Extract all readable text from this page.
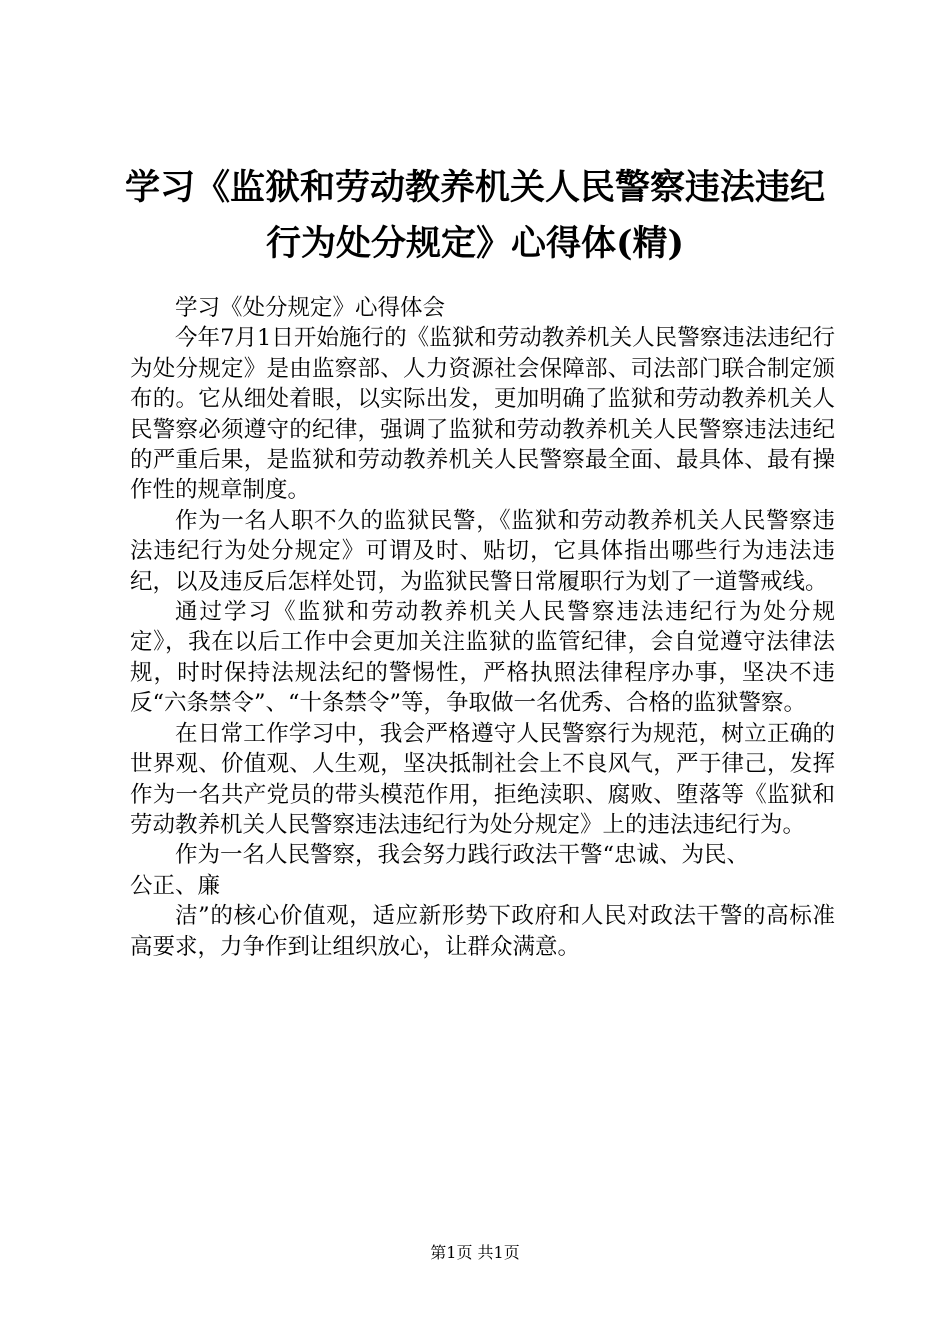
学习《监狱和劳动教养机关人民警察违法违纪行为处分规定》心得体(精)

学习《处分规定》心得体会

今年7月1日开始施行的《监狱和劳动教养机关人民警察违法违纪行为处分规定》是由监察部、人力资源社会保障部、司法部门联合制定颁布的。它从细处着眼，以实际出发，更加明确了监狱和劳动教养机关人民警察必须遵守的纪律，强调了监狱和劳动教养机关人民警察违法违纪的严重后果，是监狱和劳动教养机关人民警察最全面、最具体、最有操作性的规章制度。

作为一名人职不久的监狱民警，《监狱和劳动教养机关人民警察违法违纪行为处分规定》可谓及时、贴切，它具体指出哪些行为违法违纪，以及违反后怎样处罚，为监狱民警日常履职行为划了一道警戒线。

通过学习《监狱和劳动教养机关人民警察违法违纪行为处分规定》，我在以后工作中会更加关注监狱的监管纪律，会自觉遵守法律法规，时时保持法规法纪的警惕性，严格执照法律程序办事，坚决不违反“六条禁令”、“十条禁令”等，争取做一名优秀、合格的监狱警察。

在日常工作学习中，我会严格遵守人民警察行为规范，树立正确的世界观、价值观、人生观，坚决抵制社会上不良风气，严于律己，发挥作为一名共产党员的带头模范作用，拒绝渎职、腐败、堕落等《监狱和劳动教养机关人民警察违法违纪行为处分规定》上的违法违纪行为。

作为一名人民警察，我会努力践行政法干警“忠诚、为民、

公正、廉

洁”的核心价值观，适应新形势下政府和人民对政法干警的高标准高要求，力争作到让组织放心，让群众满意。

第1页 共1页
